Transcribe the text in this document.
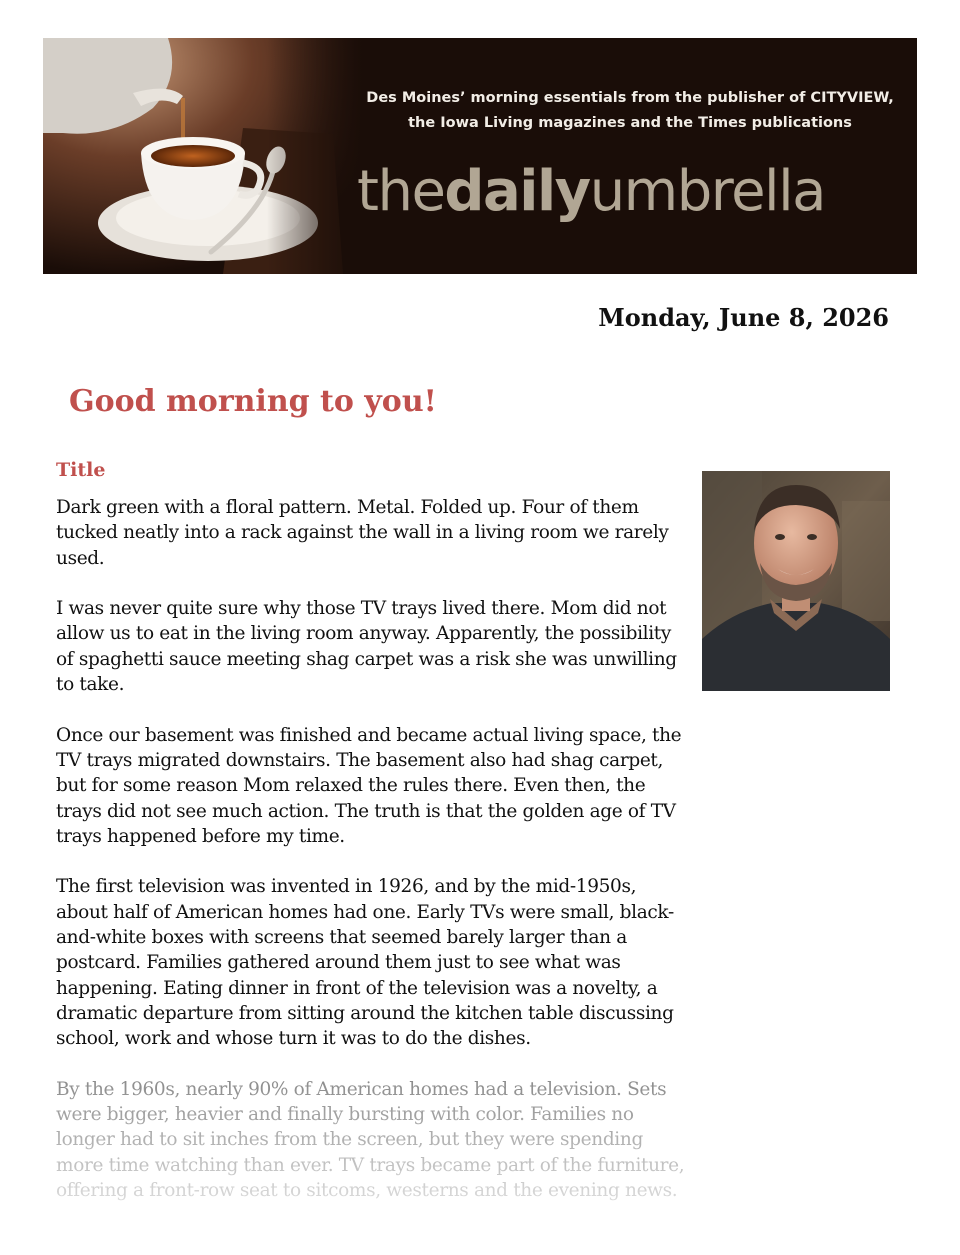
Des Moines’ morning essentials from the publisher of CITYVIEW,
the Iowa Living magazines and the Times publications
thedailyumbrella
Monday, June 8, 2026
Good morning to you!
Title

Dark green with a floral pattern. Metal. Folded up. Four of them tucked neatly into a rack against the wall in a living room we rarely used.

I was never quite sure why those TV trays lived there. Mom did not allow us to eat in the living room anyway. Apparently, the possibility of spaghetti sauce meeting shag carpet was a risk she was unwilling to take.

Once our basement was finished and became actual living space, the TV trays migrated downstairs. The basement also had shag carpet, but for some reason Mom relaxed the rules there. Even then, the trays did not see much action. The truth is that the golden age of TV trays happened before my time.

The first television was invented in 1926, and by the mid-1950s, about half of American homes had one. Early TVs were small, black-and-white boxes with screens that seemed barely larger than a postcard. Families gathered around them just to see what was happening. Eating dinner in front of the television was a novelty, a dramatic departure from sitting around the kitchen table discussing school, work and whose turn it was to do the dishes.

By the 1960s, nearly 90% of American homes had a television. Sets were bigger, heavier and finally bursting with color. Families no longer had to sit inches from the screen, but they were spending more time watching than ever. TV trays became part of the furniture, offering a front-row seat to sitcoms, westerns and the evening news.
